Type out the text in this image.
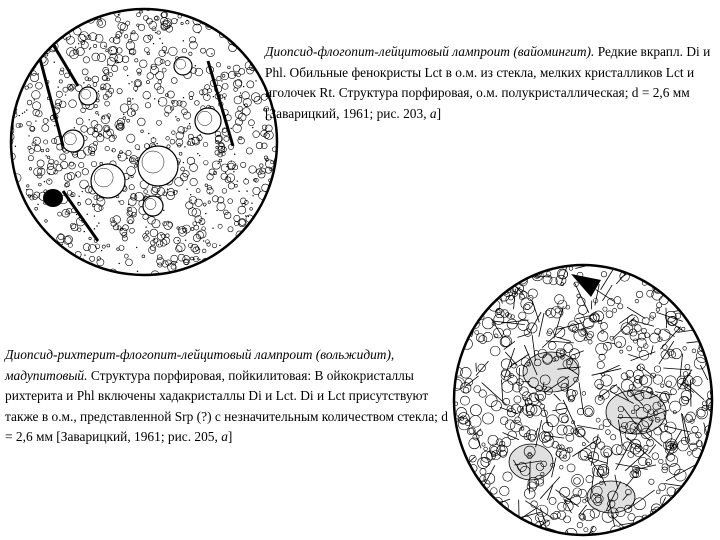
Диопсид-флогопит-лейцитовый лампроит (вайомингит). Редкие вкрапл. Di и Phl. Обильные фенокристы Lct в о.м. из стекла, мелких кристалликов Lct и иголочек Rt. Структура порфировая, о.м. полукристаллическая; d = 2,6 мм [Заварицкий, 1961; рис. 203, а]

Диопсид-рихтерит-флогопит-лейцитовый лампроит (вольжидит), мадупитовый. Структура порфировая, пойкилитовая: В ойкокристаллы рихтерита и Phl включены хадакристаллы Di и Lct. Di и Lct присутствуют также в о.м., представленной Srp (?) с незначительным количеством стекла; d = 2,6 мм [Заварицкий, 1961; рис. 205, а]
